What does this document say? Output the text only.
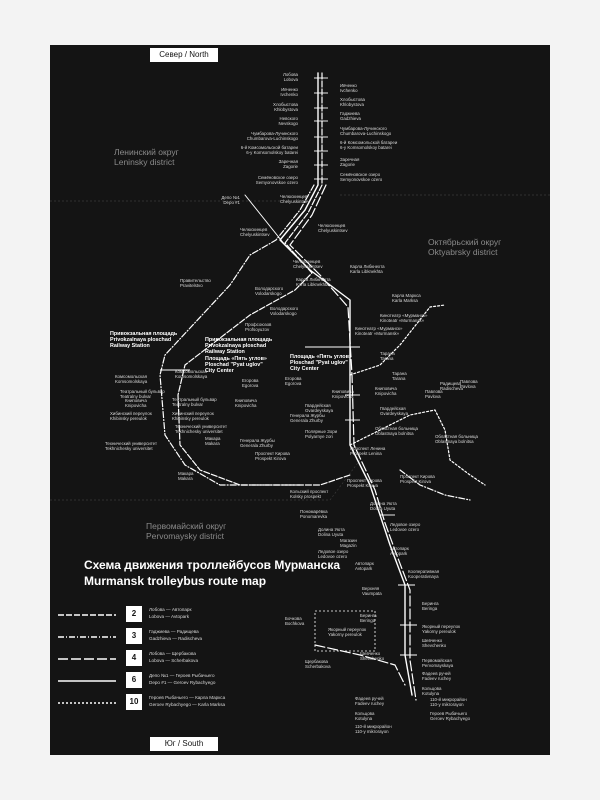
Север / North
Юг / South
Ленинский округ
Leninsky district
Октябрьский округ
Oktyabrsky district
Первомайский округ
Pervomaysky district
Лобова Lobova
Ивченко Ivchenko
Ивченко Ivchenko
Хлобыстова Khlobystova
Хлобыстова Khlobystova
Гаджиева Gadzhieva
Невского Nevskogo
Чумбарова-Лучинского Chumbarova-Luchinskogo
Чумбарова-Лучинского Chumbarova-Luchinskogo
6-й Комсомольской батареи 6-y Komsomolskoy batarei
6-й Комсомольской батареи 6-y Komsomolskoy batarei
Заречная Zagorie
Заречная Zagorie
Семёновское озеро Semyonovskoe ozero
Семёновское озеро Semyonovskoe ozero
Депо №1 Depo #1
Челюскинцев Chelyuskintsev
Челюскинцев Chelyuskintsev
Челюскинцев Chelyuskintsev
Челюскинцев Chelyuskintsev	Карла Либкнехта Karla Libknekhta
Карла Либкнехта Karla Libknekhta
Карла Маркса Karla Marksa
Правительство Pravitelstvo
Володарского Volodarskogo
Володарского Volodarskogo	Кинотеатр «Мурманск» Kinoteatr «Murmansk»
Кинотеатр «Мурманск» Kinoteatr «Murmansk»
Профсоюзов Profsoyuzov
Привокзальная площадь Privokzalnaya ploschad Railway Station
Привокзальная площадь Privokzalnaya ploschad Railway Station
Площадь «Пять углов» Ploschad "Pyat uglov" City Center
Площадь «Пять углов» Ploschad "Pyat uglov" City Center
Тарана Tarana
Тарана Tarana
Комсомольская Komsomolskaya
Комсомольская Komsomolskaya
Егорова Egorova
Егорова Egorova
Книповича Knipovicha
Книповича Knipovicha
Книповича Knipovicha
Книповича Knipovicha
Радищева Radischeva
Павлова Pavlova
Павлова Pavlova
Театральный бульвар Teatralny bulvar
Театральный бульвар Teatralny bulvar
Хибинский переулок Khibinsky pereulok
Хибинский переулок Khibinsky pereulok
Гвардейская Gvardeyskaya	Гвардейская Gvardeyskaya
Генерала Журбы Generala Zhurby
Генерала Журбы Generala Zhurby
Полярные Зори Polyarnye zori
Областная больница Oblastnaya bolnitsa
Областная больница Oblastnaya bolnitsa
Технический университет Tekhnichesky universitet
Технический университет Tekhnichesky universitet
Макара Makara
Макара Makara
Проспект Кирова Prospekt Kirova
Проспект Ленина Prospekt Lenina
Проспект Кирова Prospekt Kirova
Проспект Кирова Prospekt Kirova
Кольский проспект Kolsky prospekt
Долина Уюта Dolina Uyuta
Пономарёвка Ponomarevka
Долина Уюта Dolina Uyuta
Ледовое озеро Ledovoe ozero
Ледовое озеро Ledovoe ozero
Магазин Magazin
Автопарк Avtopark
Автопарк Avtopark
Кооперативная Kooperativnaya
Верхняя Vaumpata
Беринга Beringa
Беринга Beringa
Бочкова Bochkova
Якорный переулок Yakorny pereulok
Якорный переулок Yakorny pereulok
Шевченко Shevchenko
Шевченко Shevchenko
Щербакова Scherbakova
Первомайская Pervomayskaya
Фадеев ручей Fadeev ruchey
Фадеев ручей Fadeev ruchey
Кольцова Kotulyna
Кольцова Kotulyna
110-й микрорайон 110-y mikrorayon
110-й микрорайон 110-y mikrorayon
Героев Рыбачьего Geroev Rybachyego
Схема движения троллейбусов Мурманска
Murmansk trolleybus route map
2	Лобова — Автопарк
Lobova — Avtopark
3	Гаджиева — Радищева
Gadzhieva — Radischeva
4	Лобова — Щербакова
Lobova — Scherbakova
6	Депо №1 — Героев Рыбачьего
Depo #1 — Geroev Rybachyego
10	Героев Рыбачьего — Карла Маркса
Geroev Rybachyego — Karla Marksa
